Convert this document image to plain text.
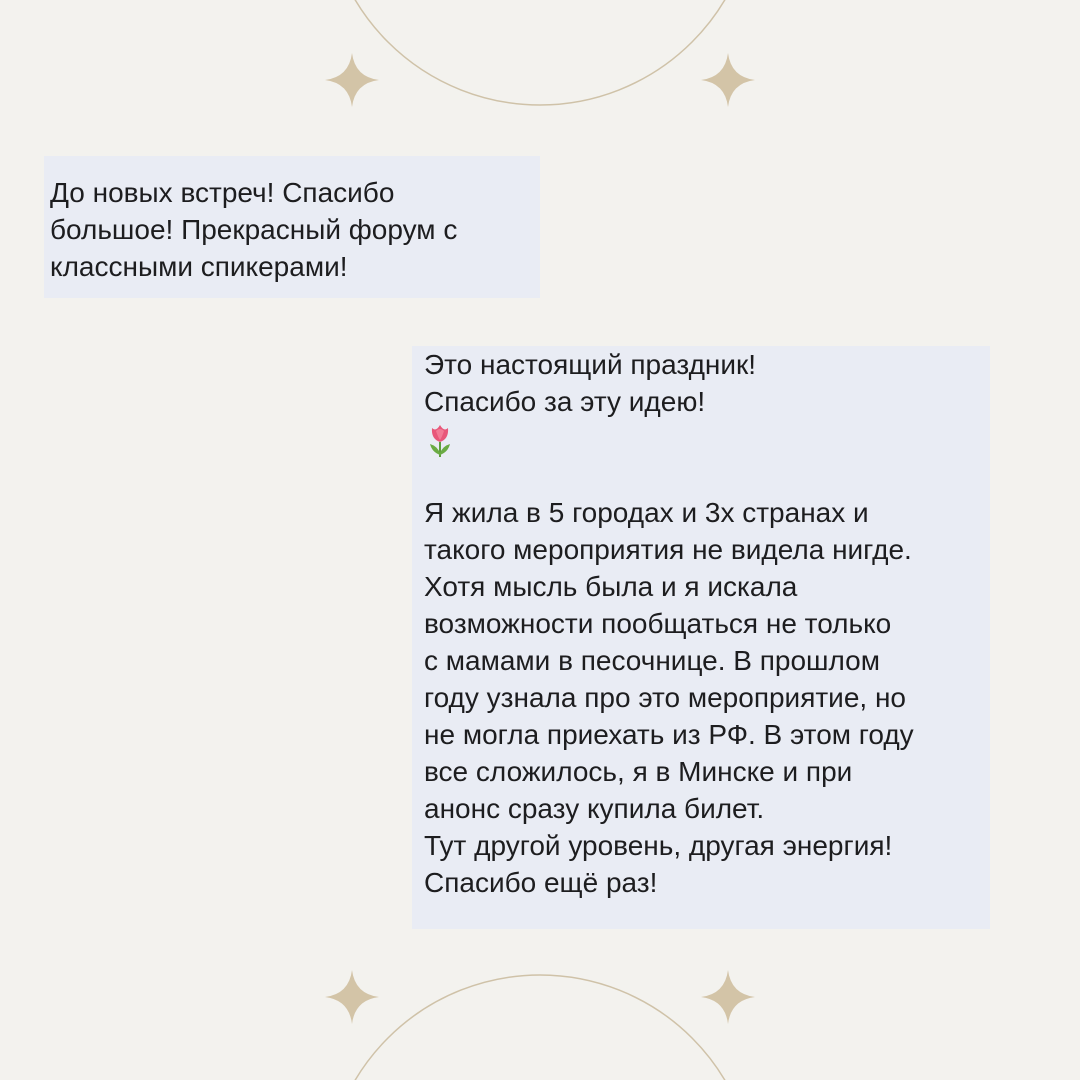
До новых встреч! Спасибо
большое! Прекрасный форум с
классными спикерами!
Это настоящий праздник!
Спасибо за эту идею!
Я жила в 5 городах и 3х странах и
такого мероприятия не видела нигде.
Хотя мысль была и я искала
возможности пообщаться не только
с мамами в песочнице. В прошлом
году узнала про это мероприятие, но
не могла приехать из РФ. В этом году
все сложилось, я в Минске и при
анонс сразу купила билет.
Тут другой уровень, другая энергия!
Спасибо ещё раз!
